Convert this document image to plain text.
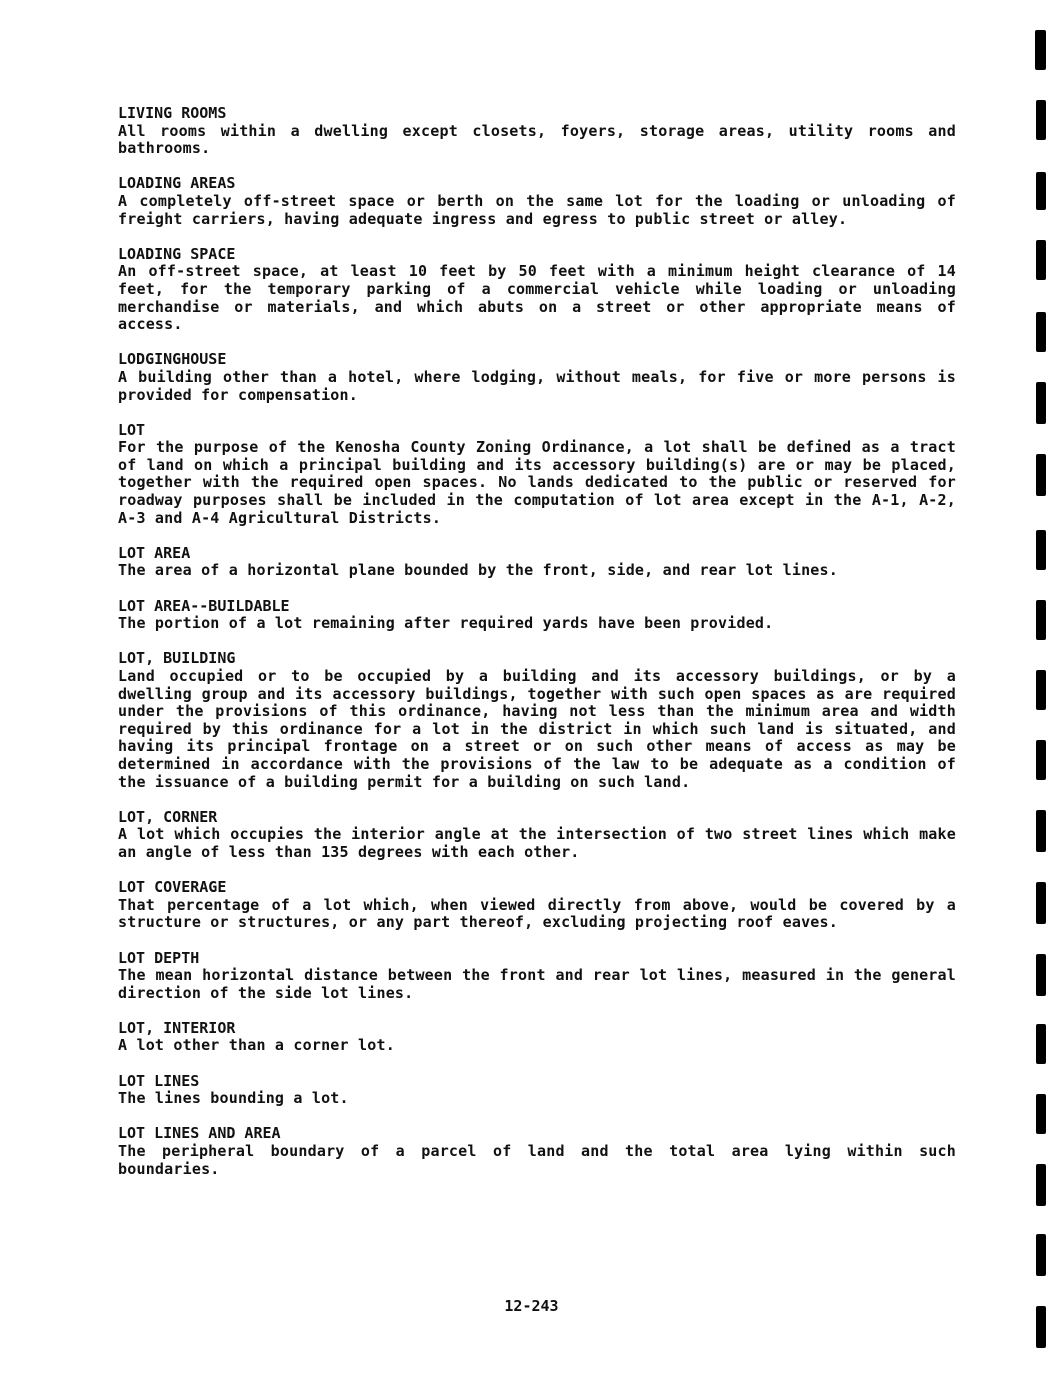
LIVING ROOMS
All rooms within a dwelling except closets, foyers, storage areas, utility rooms and bathrooms.
LOADING AREAS
A completely off-street space or berth on the same lot for the loading or unloading of freight carriers, having adequate ingress and egress to public street or alley.
LOADING SPACE
An off-street space, at least 10 feet by 50 feet with a minimum height clearance of 14 feet, for the temporary parking of a commercial vehicle while loading or unloading merchandise or materials, and which abuts on a street or other appropriate means of access.
LODGINGHOUSE
A building other than a hotel, where lodging, without meals, for five or more persons is provided for compensation.
LOT
For the purpose of the Kenosha County Zoning Ordinance, a lot shall be defined as a tract of land on which a principal building and its accessory building(s) are or may be placed, together with the required open spaces. No lands dedicated to the public or reserved for roadway purposes shall be included in the computation of lot area except in the A-1, A-2, A-3 and A-4 Agricultural Districts.
LOT AREA
The area of a horizontal plane bounded by the front, side, and rear lot lines.
LOT AREA--BUILDABLE
The portion of a lot remaining after required yards have been provided.
LOT, BUILDING
Land occupied or to be occupied by a building and its accessory buildings, or by a dwelling group and its accessory buildings, together with such open spaces as are required under the provisions of this ordinance, having not less than the minimum area and width required by this ordinance for a lot in the district in which such land is situated, and having its principal frontage on a street or on such other means of access as may be determined in accordance with the provisions of the law to be adequate as a condition of the issuance of a building permit for a building on such land.
LOT, CORNER
A lot which occupies the interior angle at the intersection of two street lines which make an angle of less than 135 degrees with each other.
LOT COVERAGE
That percentage of a lot which, when viewed directly from above, would be covered by a structure or structures, or any part thereof, excluding projecting roof eaves.
LOT DEPTH
The mean horizontal distance between the front and rear lot lines, measured in the general direction of the side lot lines.
LOT, INTERIOR
A lot other than a corner lot.
LOT LINES
The lines bounding a lot.
LOT LINES AND AREA
The peripheral boundary of a parcel of land and the total area lying within such boundaries.
12-243
